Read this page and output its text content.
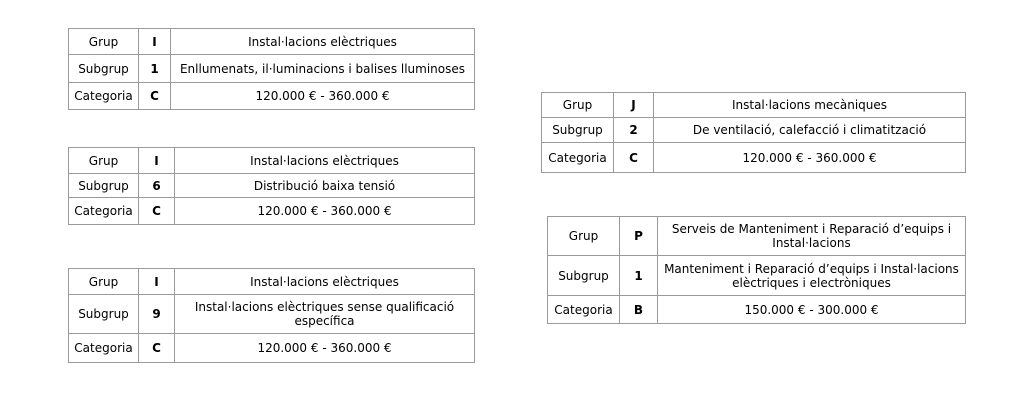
Grup	I	Instal·lacions elèctriques
Subgrup	1	Enllumenats, il·luminacions i balises lluminoses
Categoria	C	120.000 € - 360.000 €
Grup	I	Instal·lacions elèctriques
Subgrup	6	Distribució baixa tensió
Categoria	C	120.000 € - 360.000 €
Grup	I	Instal·lacions elèctriques
Subgrup	9	Instal·lacions elèctriques sense qualificació específica
Categoria	C	120.000 € - 360.000 €
Grup	J	Instal·lacions mecàniques
Subgrup	2	De ventilació, calefacció i climatització
Categoria	C	120.000 € - 360.000 €
Grup	P	Serveis de Manteniment i Reparació d’equips i Instal·lacions
Subgrup	1	Manteniment i Reparació d’equips i Instal·lacions elèctriques i electròniques
Categoria	B	150.000 € - 300.000 €
